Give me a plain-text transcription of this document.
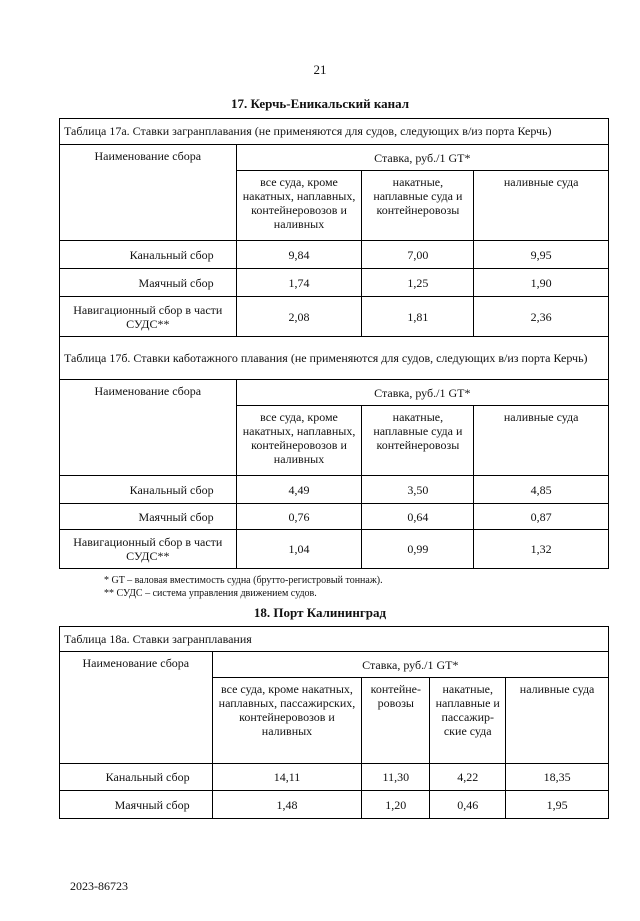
21
17. Керчь-Еникальский канал
Таблица 17а. Ставки загранплавания (не применяются для судов, следующих в/из порта Керчь)			
Наименование сбора	Ставка, руб./1 GT*		
	все суда, кроме накатных, наплавных, контейнеровозов и наливных	накатные, наплавные суда и контейнеровозы	наливные суда
Канальный сбор	9,84	7,00	9,95
Маячный сбор	1,74	1,25	1,90
Навигационный сбор в части СУДС**	2,08	1,81	2,36
Таблица 17б. Ставки каботажного плавания (не применяются для судов, следующих в/из порта Керчь)			
Наименование сбора	Ставка, руб./1 GT*		
	все суда, кроме накатных, наплавных, контейнеровозов и наливных	накатные, наплавные суда и контейнеровозы	наливные суда
Канальный сбор	4,49	3,50	4,85
Маячный сбор	0,76	0,64	0,87
Навигационный сбор в части СУДС**	1,04	0,99	1,32
* GT – валовая вместимость судна (брутто-регистровый тоннаж).
** СУДС – система управления движением судов.
18. Порт Калининград
Таблица 18а. Ставки загранплавания				
Наименование сбора	Ставка, руб./1 GT*			
	все суда, кроме накатных, наплавных, пассажирских, контейнеровозов и наливных	контейне-ровозы	накатные, наплавные и пассажир-ские суда	наливные суда
Канальный сбор	14,11	11,30	4,22	18,35
Маячный сбор	1,48	1,20	0,46	1,95
2023-86723
